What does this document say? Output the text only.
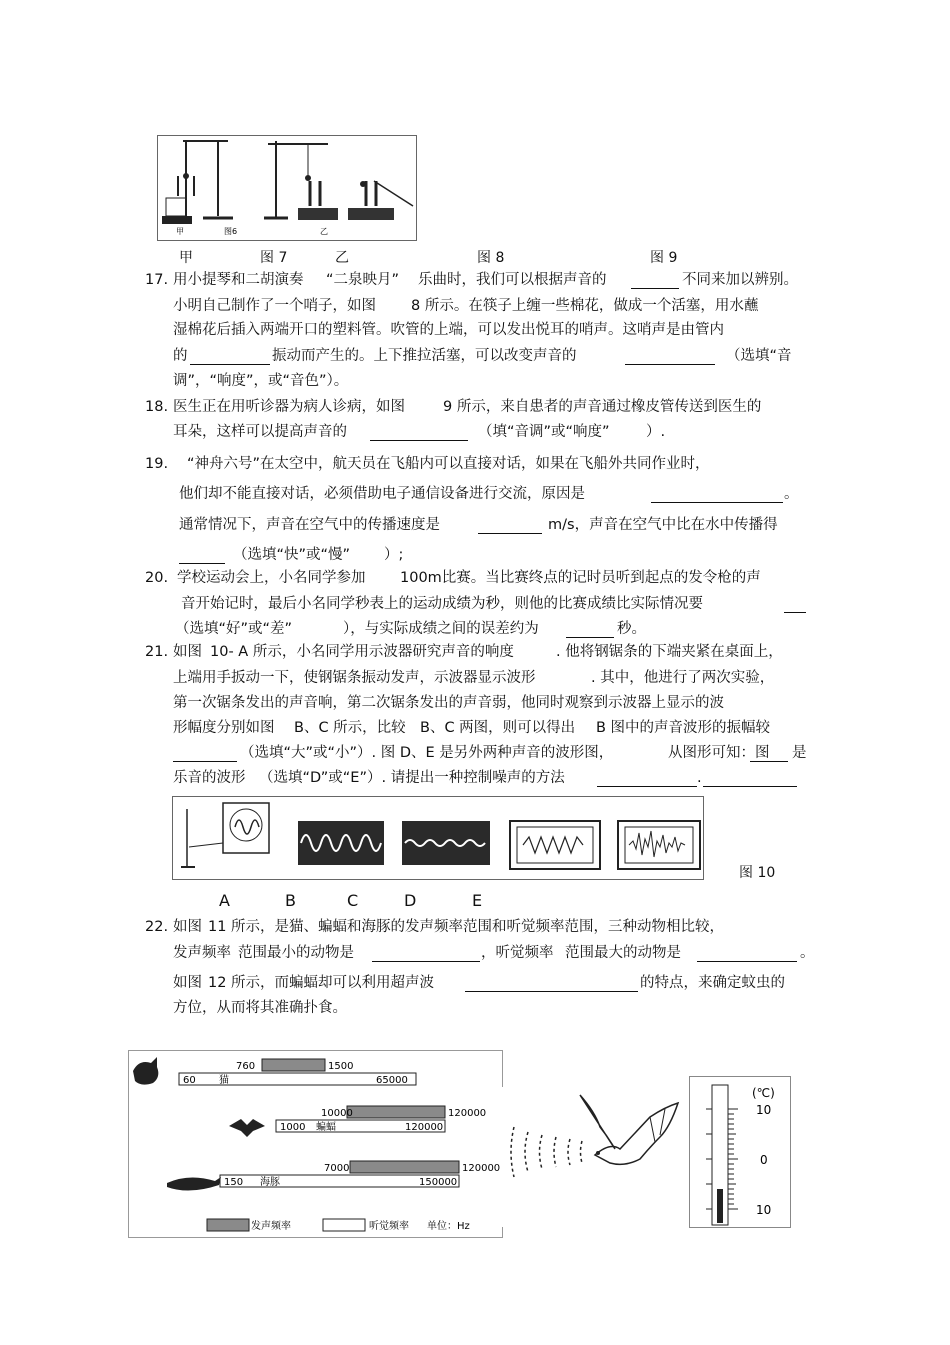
甲	图6	乙
甲	图 7	乙	图 8	图 9
17. 用小提琴和二胡演奏 “二泉映月” 乐曲时，我们可以根据声音的	不同来加以辨别。
小明自己制作了一个哨子，如图 8 所示。在筷子上缠一些棉花，做成一个活塞，用水蘸
湿棉花后插入两端开口的塑料管。吹管的上端，可以发出悦耳的哨声。这哨声是由管内
的	振动而产生的。上下推拉活塞，可以改变声音的	（选填“音
调”，“响度”，或“音色”）。
18. 医生正在用听诊器为病人诊病，如图	9 所示，来自患者的声音通过橡皮管传送到医生的
耳朵，这样可以提高声音的	（填“音调”或“响度”	）.
19. “神舟六号”在太空中，航天员在飞船内可以直接对话，如果在飞船外共同作业时，
他们却不能直接对话，必须借助电子通信设备进行交流，原因是	。
通常情况下，声音在空气中的传播速度是	m/s，声音在空气中比在水中传播得
（选填“快”或“慢” ）;
20. 学校运动会上，小名同学参加 100m比赛。当比赛终点的记时员听到起点的发令枪的声
音开始记时，最后小名同学秒表上的运动成绩为秒，则他的比赛成绩比实际情况要
（选填“好”或“差”	），与实际成绩之间的误差约为	秒。
21. 如图 10- A 所示，小名同学用示波器研究声音的响度	. 他将钢锯条的下端夹紧在桌面上，
上端用手扳动一下，使钢锯条振动发声，示波器显示波形	. 其中，他进行了两次实验，
第一次锯条发出的声音响，第二次锯条发出的声音弱，他同时观察到示波器上显示的波
形幅度分别如图 B、C 所示，比较 B、C 两图，则可以得出 B 图中的声音波形的振幅较
（选填“大”或“小”）. 图 D、E 是另外两种声音的波形图，	从图形可知：图 是
乐音的波形 （选填“D”或“E”）. 请提出一种控制噪声的方法	.
图 10
A	B	C	D	E
22. 如图 11 所示，是猫、蝙蝠和海豚的发声频率范围和听觉频率范围，三种动物相比较，
发声频率 范围最小的动物是	，听觉频率 范围最大的动物是	。
如图 12 所示，而蝙蝠却可以利用超声波	的特点，来确定蚊虫的
方位，从而将其准确扑食。
760	1500
60 猫	65000
10000	120000
1000 蝙蝠	120000
7000	120000
150 海豚	150000
发声频率	听觉频率 单位：Hz
(℃)
10
0
10
